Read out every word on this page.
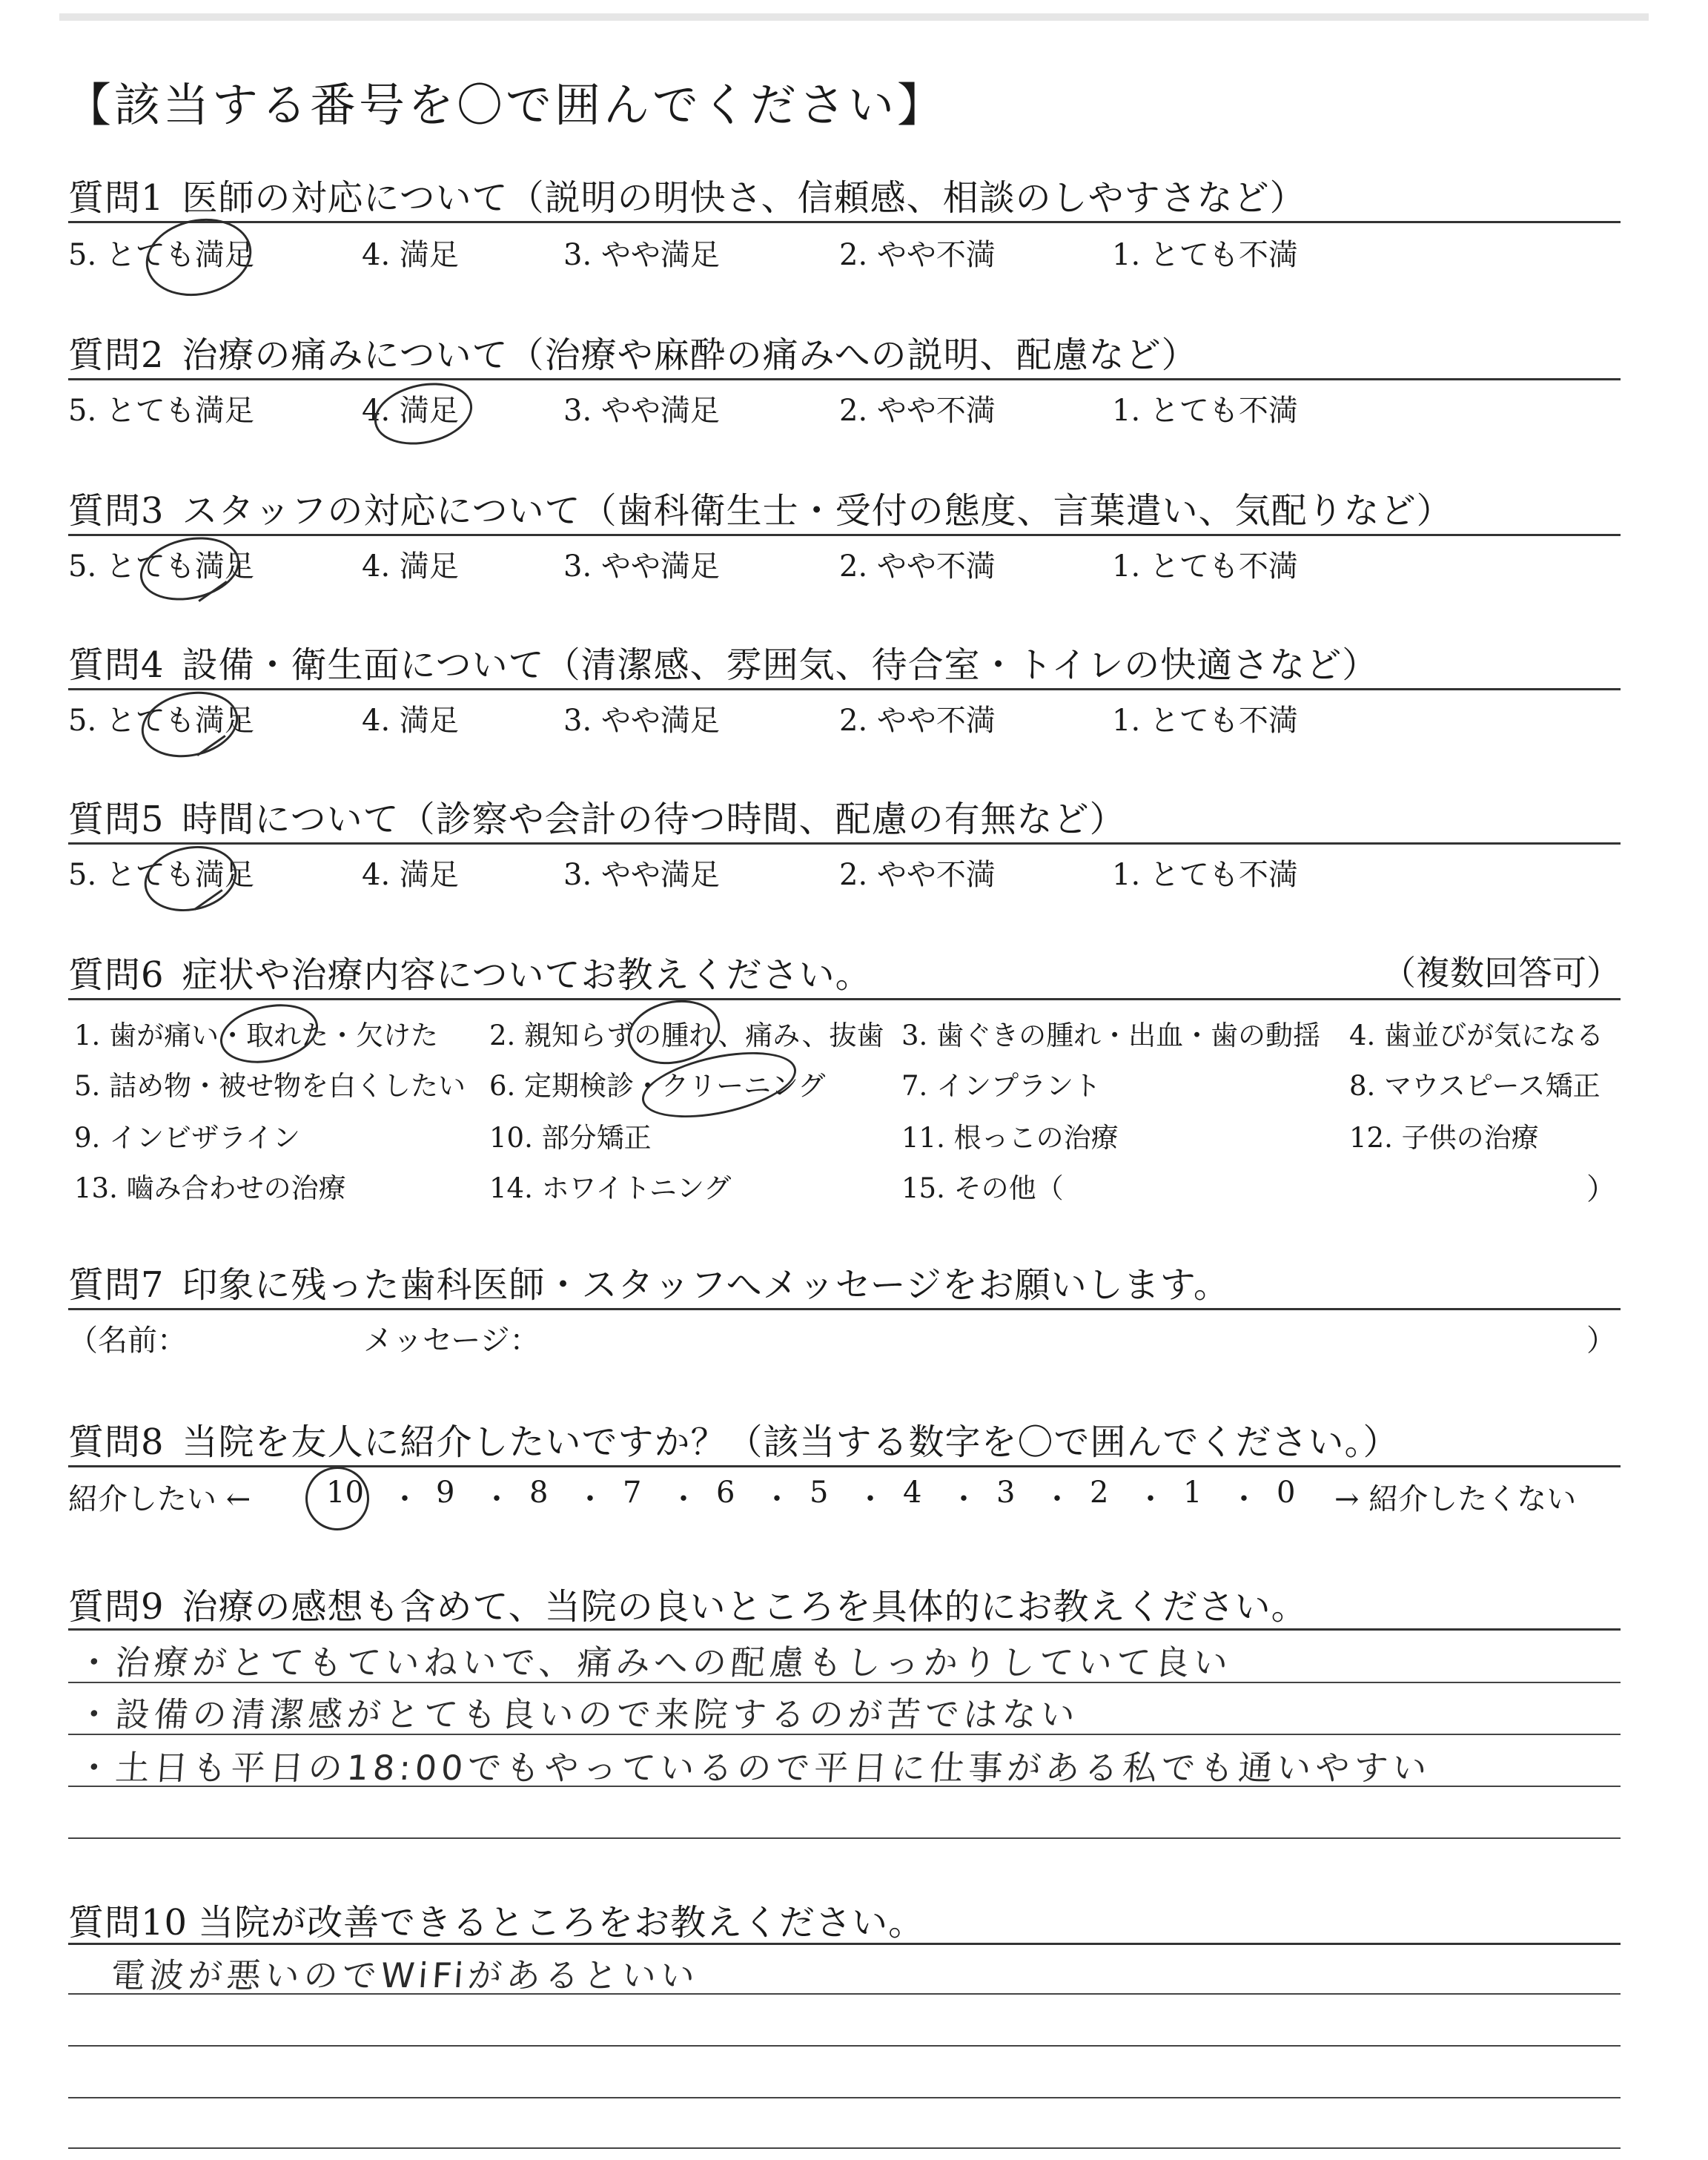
【該当する番号を〇で囲んでください】
質問1 医師の対応について（説明の明快さ、信頼感、相談のしやすさなど）
5. とても満足	4. 満足	3. やや満足	2. やや不満	1. とても不満
質問2 治療の痛みについて（治療や麻酔の痛みへの説明、配慮など）
5. とても満足	4. 満足	3. やや満足	2. やや不満	1. とても不満
質問3 スタッフの対応について（歯科衛生士・受付の態度、言葉遣い、気配りなど）
5. とても満足	4. 満足	3. やや満足	2. やや不満	1. とても不満
質問4 設備・衛生面について（清潔感、雰囲気、待合室・トイレの快適さなど）
5. とても満足	4. 満足	3. やや満足	2. やや不満	1. とても不満
質問5 時間について（診察や会計の待つ時間、配慮の有無など）
5. とても満足	4. 満足	3. やや満足	2. やや不満	1. とても不満
質問6 症状や治療内容についてお教えください。	（複数回答可）
1. 歯が痛い・取れた・欠けた 2. 親知らずの腫れ、痛み、抜歯 3. 歯ぐきの腫れ・出血・歯の動揺 4. 歯並びが気になる
5. 詰め物・被せ物を白くしたい 6. 定期検診・クリーニング	7. インプラント	8. マウスピース矯正
9. インビザライン	10. 部分矯正	11. 根っこの治療	12. 子供の治療
13. 嚙み合わせの治療	14. ホワイトニング	15. その他（	）
質問7 印象に残った歯科医師・スタッフへメッセージをお願いします。
（名前：	メッセージ：	）
質問8 当院を友人に紹介したいですか？（該当する数字を〇で囲んでください。）
紹介したい ←	10 ・ 9 ・ 8 ・ 7 ・ 6 ・ 5 ・ 4 ・ 3 ・ 2 ・ 1 ・ 0 → 紹介したくない
質問9 治療の感想も含めて、当院の良いところを具体的にお教えください。
・治療がとてもていねいで、痛みへの配慮もしっかりしていて良い
・設備の清潔感がとても良いので来院するのが苦ではない
・土日も平日の18:00でもやっているので平日に仕事がある私でも通いやすい
質問10 当院が改善できるところをお教えください。
電波が悪いのでWiFiがあるといい
